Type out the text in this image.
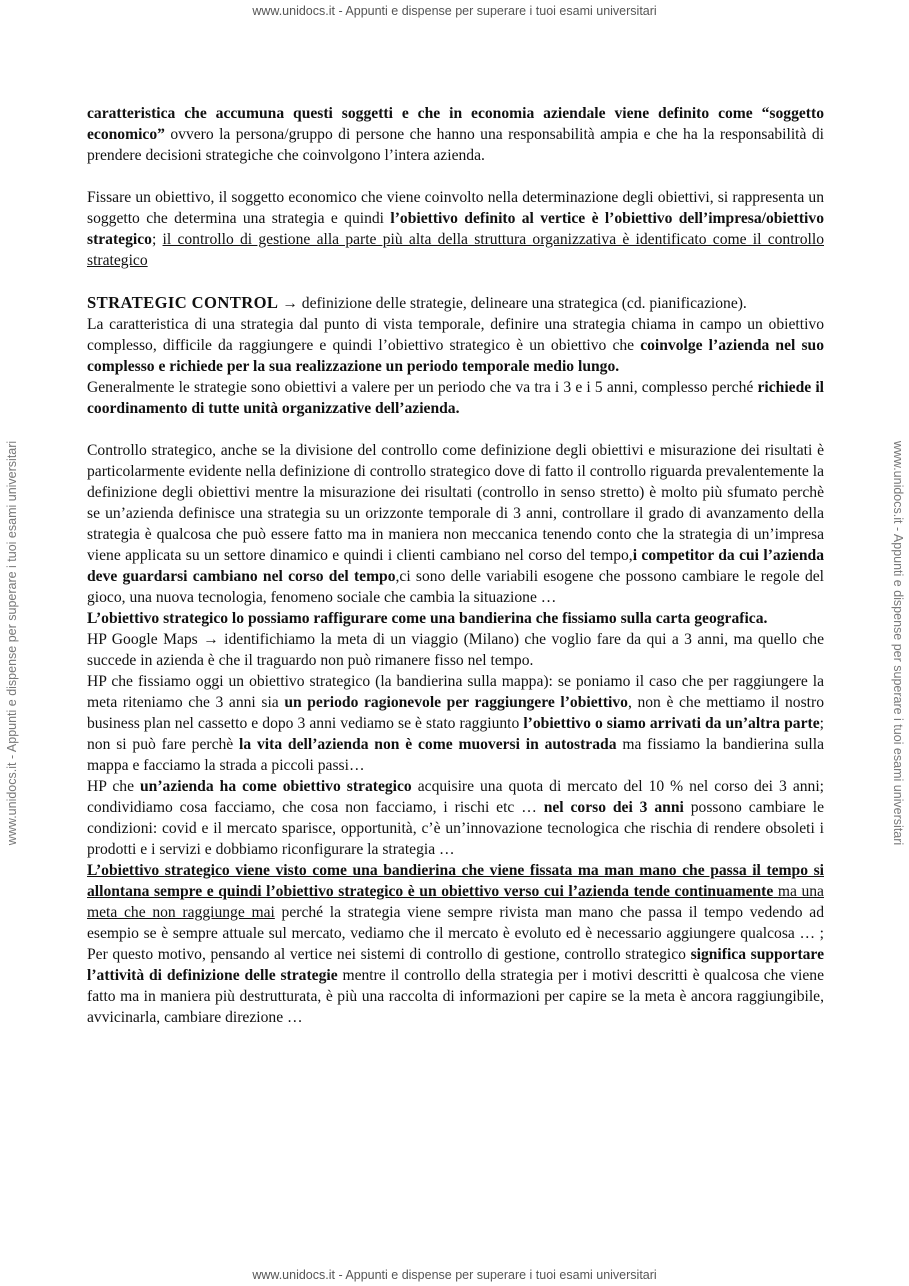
www.unidocs.it - Appunti e dispense per superare i tuoi esami universitari
www.unidocs.it - Appunti e dispense per superare i tuoi esami universitari	www.unidocs.it - Appunti e dispense per superare i tuoi esami universitari

caratteristica che accumuna questi soggetti e che in economia aziendale viene definito come “soggetto economico” ovvero la persona/gruppo di persone che hanno una responsabilità ampia e che ha la responsabilità di prendere decisioni strategiche che coinvolgono l’intera azienda.

Fissare un obiettivo, il soggetto economico che viene coinvolto nella determinazione degli obiettivi, si rappresenta un soggetto che determina una strategia e quindi l’obiettivo definito al vertice è l’obiettivo dell’impresa/obiettivo strategico; il controllo di gestione alla parte più alta della struttura organizzativa è identificato come il controllo strategico

STRATEGIC CONTROL → definizione delle strategie, delineare una strategica (cd. pianificazione).

La caratteristica di una strategia dal punto di vista temporale, definire una strategia chiama in campo un obiettivo complesso, difficile da raggiungere e quindi l’obiettivo strategico è un obiettivo che coinvolge l’azienda nel suo complesso e richiede per la sua realizzazione un periodo temporale medio lungo.

Generalmente le strategie sono obiettivi a valere per un periodo che va tra i 3 e i 5 anni, complesso perché richiede il coordinamento di tutte unità organizzative dell’azienda.

Controllo strategico, anche se la divisione del controllo come definizione degli obiettivi e misurazione dei risultati è particolarmente evidente nella definizione di controllo strategico dove di fatto il controllo riguarda prevalentemente la definizione degli obiettivi mentre la misurazione dei risultati (controllo in senso stretto) è molto più sfumato perchè se un’azienda definisce una strategia su un orizzonte temporale di 3 anni, controllare il grado di avanzamento della strategia è qualcosa che può essere fatto ma in maniera non meccanica tenendo conto che la strategia di un’impresa viene applicata su un settore dinamico e quindi i clienti cambiano nel corso del tempo,i competitor da cui l’azienda deve guardarsi cambiano nel corso del tempo,ci sono delle variabili esogene che possono cambiare le regole del gioco, una nuova tecnologia, fenomeno sociale che cambia la situazione …

L’obiettivo strategico lo possiamo raffigurare come una bandierina che fissiamo sulla carta geografica.

HP Google Maps → identifichiamo la meta di un viaggio (Milano) che voglio fare da qui a 3 anni, ma quello che succede in azienda è che il traguardo non può rimanere fisso nel tempo.

HP che fissiamo oggi un obiettivo strategico (la bandierina sulla mappa): se poniamo il caso che per raggiungere la meta riteniamo che 3 anni sia un periodo ragionevole per raggiungere l’obiettivo, non è che mettiamo il nostro business plan nel cassetto e dopo 3 anni vediamo se è stato raggiunto l’obiettivo o siamo arrivati da un’altra parte; non si può fare perchè la vita dell’azienda non è come muoversi in autostrada ma fissiamo la bandierina sulla mappa e facciamo la strada a piccoli passi…

HP che un’azienda ha come obiettivo strategico acquisire una quota di mercato del 10 % nel corso dei 3 anni; condividiamo cosa facciamo, che cosa non facciamo, i rischi etc … nel corso dei 3 anni possono cambiare le condizioni: covid e il mercato sparisce, opportunità, c’è un’innovazione tecnologica che rischia di rendere obsoleti i prodotti e i servizi e dobbiamo riconfigurare la strategia …

L’obiettivo strategico viene visto come una bandierina che viene fissata ma man mano che passa il tempo si allontana sempre e quindi l’obiettivo strategico è un obiettivo verso cui l’azienda tende continuamente ma una meta che non raggiunge mai perché la strategia viene sempre rivista man mano che passa il tempo vedendo ad esempio se è sempre attuale sul mercato, vediamo che il mercato è evoluto ed è necessario aggiungere qualcosa … ; Per questo motivo, pensando al vertice nei sistemi di controllo di gestione, controllo strategico significa supportare l’attività di definizione delle strategie mentre il controllo della strategia per i motivi descritti è qualcosa che viene fatto ma in maniera più destrutturata, è più una raccolta di informazioni per capire se la meta è ancora raggiungibile, avvicinarla, cambiare direzione …

www.unidocs.it - Appunti e dispense per superare i tuoi esami universitari
